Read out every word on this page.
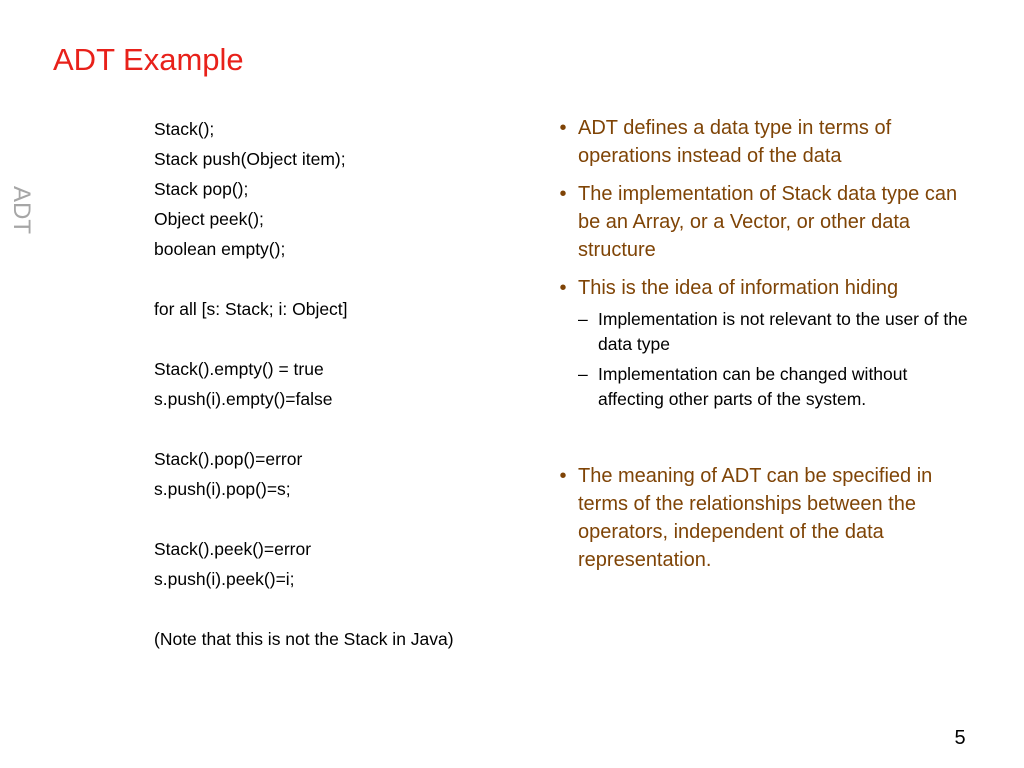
ADT Example
ADT
Stack();
Stack push(Object item);
Stack pop();
Object peek();
boolean empty();
for all [s: Stack; i: Object]
Stack().empty() = true
s.push(i).empty()=false
Stack().pop()=error
s.push(i).pop()=s;
Stack().peek()=error
s.push(i).peek()=i;
(Note that this is not the Stack in Java)
• ADT defines a data type in terms of operations instead of the data
• The implementation of Stack data type can be an Array, or a Vector, or other data structure
• This is the idea of information hiding
– Implementation is not relevant to the user of the data type
– Implementation can be changed without affecting other parts of the system.
• The meaning of ADT can be specified in terms of the relationships between the operators, independent of the data representation.
5
